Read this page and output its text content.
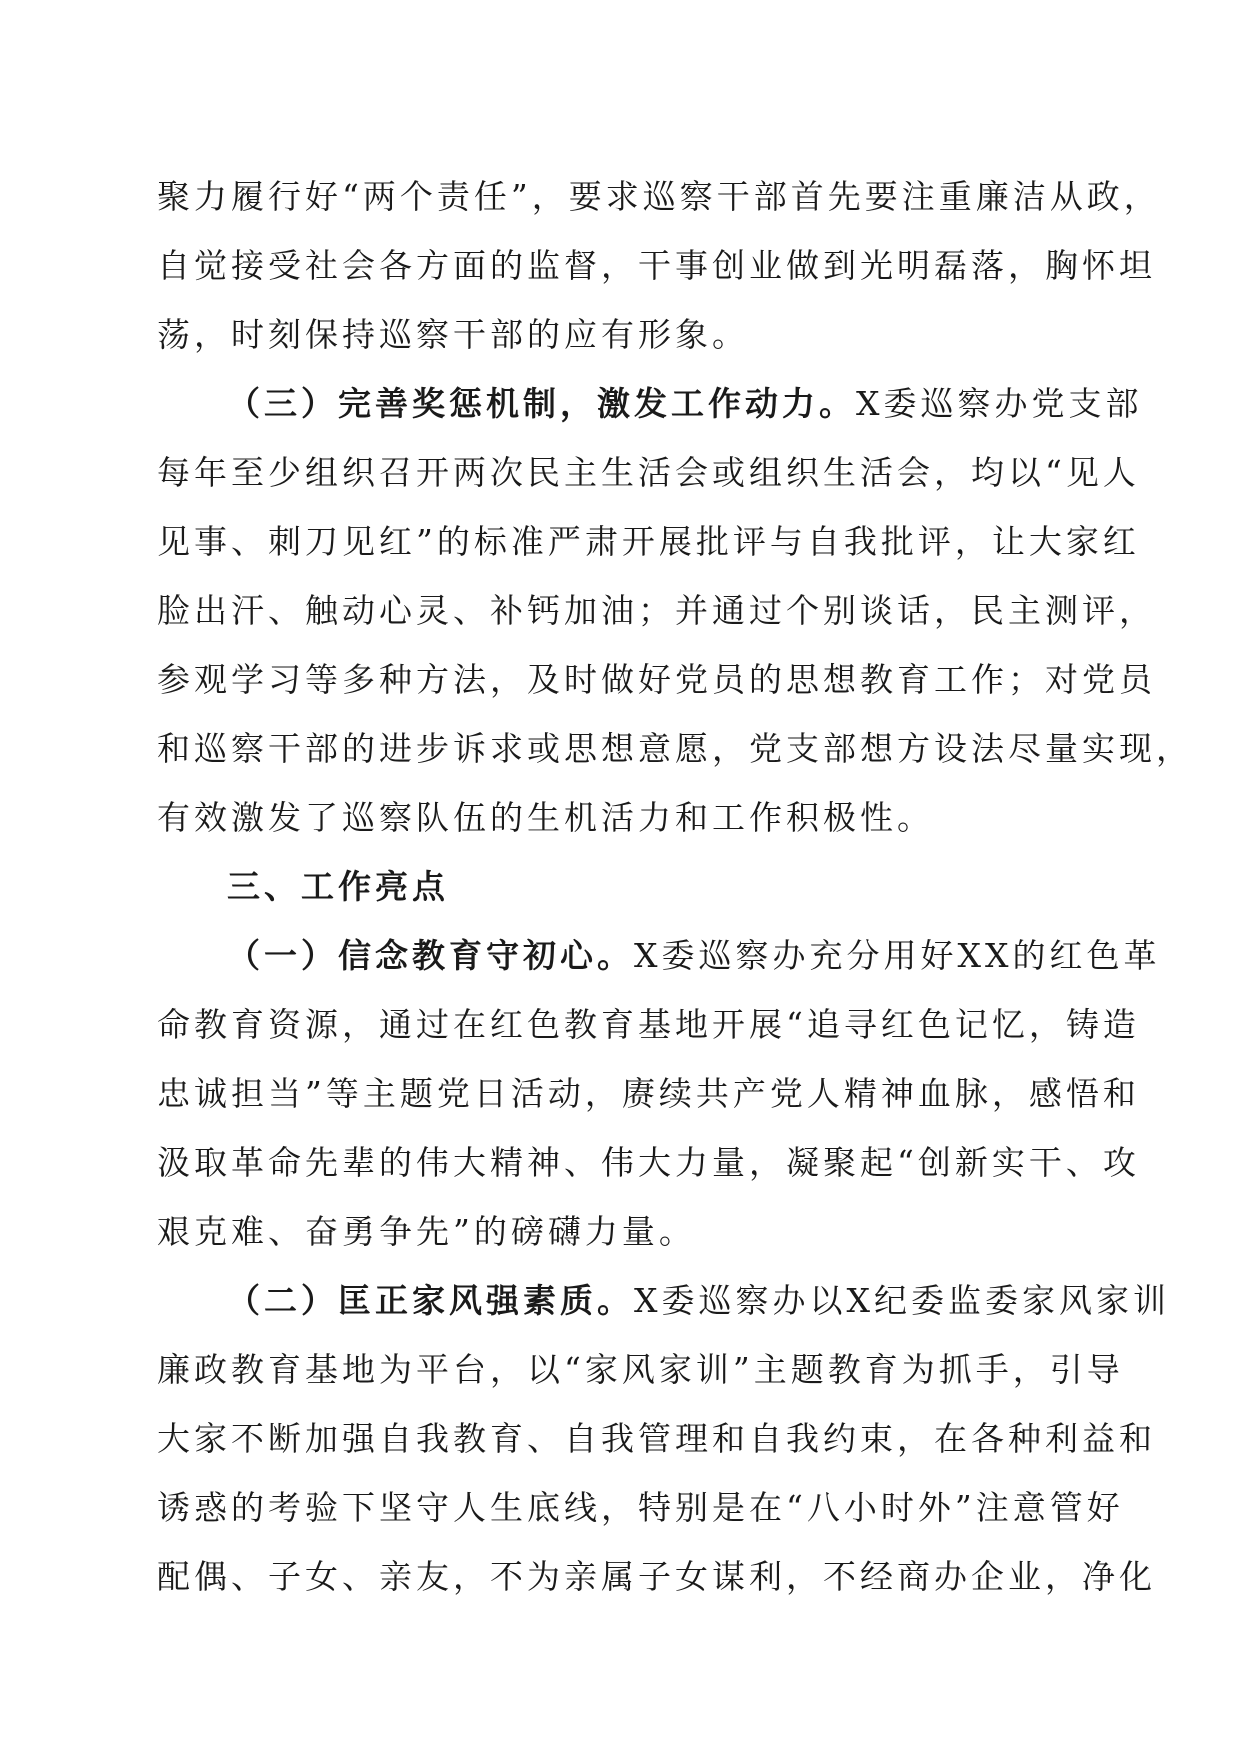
聚力履行好“两个责任”，要求巡察干部首先要注重廉洁从政，
自觉接受社会各方面的监督，干事创业做到光明磊落，胸怀坦
荡，时刻保持巡察干部的应有形象。
（三）完善奖惩机制，激发工作动力。X委巡察办党支部
每年至少组织召开两次民主生活会或组织生活会，均以“见人
见事、刺刀见红”的标准严肃开展批评与自我批评，让大家红
脸出汗、触动心灵、补钙加油；并通过个别谈话，民主测评，
参观学习等多种方法，及时做好党员的思想教育工作；对党员
和巡察干部的进步诉求或思想意愿，党支部想方设法尽量实现，
有效激发了巡察队伍的生机活力和工作积极性。
三、工作亮点
（一）信念教育守初心。X委巡察办充分用好XX的红色革
命教育资源，通过在红色教育基地开展“追寻红色记忆，铸造
忠诚担当”等主题党日活动，赓续共产党人精神血脉，感悟和
汲取革命先辈的伟大精神、伟大力量，凝聚起“创新实干、攻
艰克难、奋勇争先”的磅礴力量。
（二）匡正家风强素质。X委巡察办以X纪委监委家风家训
廉政教育基地为平台，以“家风家训”主题教育为抓手，引导
大家不断加强自我教育、自我管理和自我约束，在各种利益和
诱惑的考验下坚守人生底线，特别是在“八小时外”注意管好
配偶、子女、亲友，不为亲属子女谋利，不经商办企业，净化
